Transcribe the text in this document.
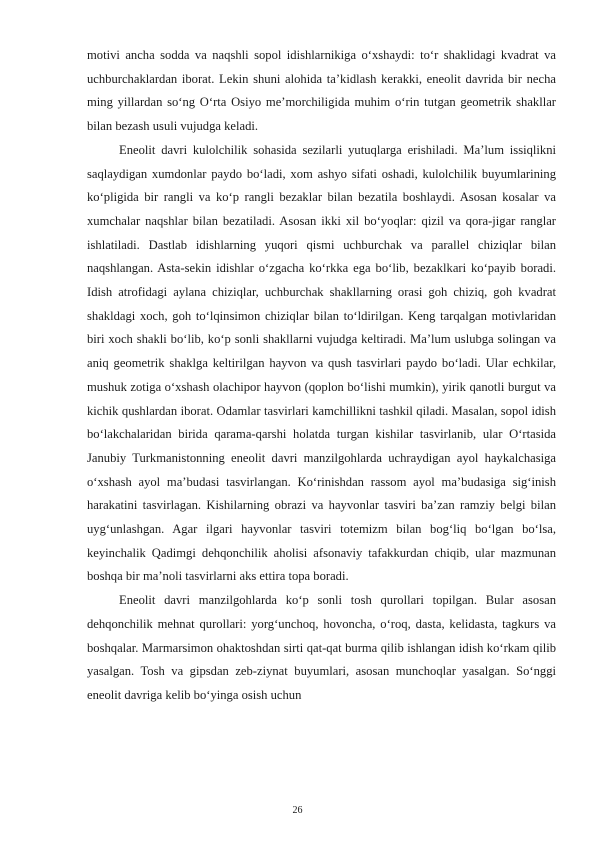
motivi ancha sodda va naqshli sopol idishlarnikiga o‘xshaydi: to‘r shaklidagi kvadrat va uchburchaklardan iborat. Lekin shuni alohida ta’kidlash kerakki, eneolit davrida bir necha ming yillardan so‘ng O‘rta Osiyo me’morchiligida muhim o‘rin tutgan geometrik shakllar bilan bezash usuli vujudga keladi.

Eneolit davri kulolchilik sohasida sezilarli yutuqlarga erishiladi. Ma’lum issiqlikni saqlaydigan xumdonlar paydo bo‘ladi, xom ashyo sifati oshadi, kulolchilik buyumlarining ko‘pligida bir rangli va ko‘p rangli bezaklar bilan bezatila boshlaydi. Asosan kosalar va xumchalar naqshlar bilan bezatiladi. Asosan ikki xil bo‘yoqlar: qizil va qora-jigar ranglar ishlatiladi. Dastlab idishlarning yuqori qismi uchburchak va parallel chiziqlar bilan naqshlangan. Asta-sekin idishlar o‘zgacha ko‘rkka ega bo‘lib, bezaklkari ko‘payib boradi. Idish atrofidagi aylana chiziqlar, uchburchak shakllarning orasi goh chiziq, goh kvadrat shakldagi xoch, goh to‘lqinsimon chiziqlar bilan to‘ldirilgan. Keng tarqalgan motivlaridan biri xoch shakli bo‘lib, ko‘p sonli shakllarni vujudga keltiradi. Ma’lum uslubga solingan va aniq geometrik shaklga keltirilgan hayvon va qush tasvirlari paydo bo‘ladi. Ular echkilar, mushuk zotiga o‘xshash olachipor hayvon (qoplon bo‘lishi mumkin), yirik qanotli burgut va kichik qushlardan iborat. Odamlar tasvirlari kamchillikni tashkil qiladi. Masalan, sopol idish bo‘lakchalaridan birida qarama-qarshi holatda turgan kishilar tasvirlanib, ular O‘rtasida Janubiy Turkmanistonning eneolit davri manzilgohlarda uchraydigan ayol haykalchasiga o‘xshash ayol ma’budasi tasvirlangan. Ko‘rinishdan rassom ayol ma’budasiga sig‘inish harakatini tasvirlagan. Kishilarning obrazi va hayvonlar tasviri ba’zan ramziy belgi bilan uyg‘unlashgan. Agar ilgari hayvonlar tasviri totemizm bilan bog‘liq bo‘lgan bo‘lsa, keyinchalik Qadimgi dehqonchilik aholisi afsonaviy tafakkurdan chiqib, ular mazmunan boshqa bir ma’noli tasvirlarni aks ettira topa boradi.

Eneolit davri manzilgohlarda ko‘p sonli tosh qurollari topilgan. Bular asosan dehqonchilik mehnat qurollari: yorg‘unchoq, hovoncha, o‘roq, dasta, kelidasta, tagkurs va boshqalar. Marmarsimon ohaktoshdan sirti qat-qat burma qilib ishlangan idish ko‘rkam qilib yasalgan. Tosh va gipsdan zeb-ziynat buyumlari, asosan munchoqlar yasalgan. So‘nggi eneolit davriga kelib bo‘yinga osish uchun

26
